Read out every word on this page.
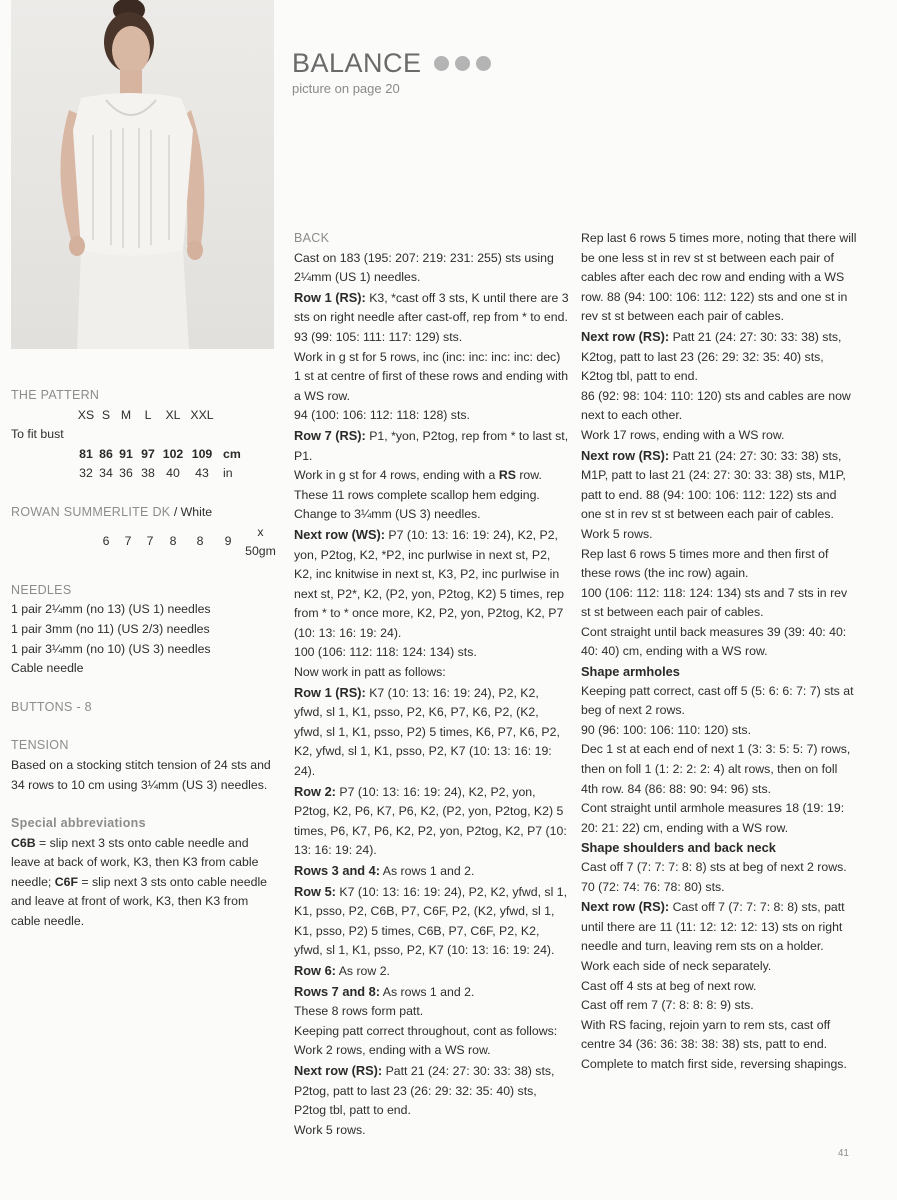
BALANCE
picture on page 20

THE PATTERN

	XS	S	M	L	XL	XXL	
To fit bust							
	81	86	91	97	102	109	cm
	32	34	36	38	40	43	in

ROWAN SUMMERLITE DK / White

	6	7	7	8	8	9	x 50gm

NEEDLES

1 pair 2¼mm (no 13) (US 1) needles

1 pair 3mm (no 11) (US 2/3) needles

1 pair 3¼mm (no 10) (US 3) needles

Cable needle

BUTTONS - 8

TENSION

Based on a stocking stitch tension of 24 sts and 34 rows to 10 cm using 3¼mm (US 3) needles.

Special abbreviations

C6B = slip next 3 sts onto cable needle and leave at back of work, K3, then K3 from cable needle; C6F = slip next 3 sts onto cable needle and leave at front of work, K3, then K3 from cable needle.

BACK

Cast on 183 (195: 207: 219: 231: 255) sts using 2¼mm (US 1) needles.

Row 1 (RS): K3, *cast off 3 sts, K until there are 3 sts on right needle after cast-off, rep from * to end. 93 (99: 105: 111: 117: 129) sts.

Work in g st for 5 rows, inc (inc: inc: inc: inc: dec) 1 st at centre of first of these rows and ending with a WS row.

94 (100: 106: 112: 118: 128) sts.

Row 7 (RS): P1, *yon, P2tog, rep from * to last st, P1.

Work in g st for 4 rows, ending with a RS row.

These 11 rows complete scallop hem edging.

Change to 3¼mm (US 3) needles.

Next row (WS): P7 (10: 13: 16: 19: 24), K2, P2, yon, P2tog, K2, *P2, inc purlwise in next st, P2, K2, inc knitwise in next st, K3, P2, inc purlwise in next st, P2*, K2, (P2, yon, P2tog, K2) 5 times, rep from * to * once more, K2, P2, yon, P2tog, K2, P7 (10: 13: 16: 19: 24).

100 (106: 112: 118: 124: 134) sts.

Now work in patt as follows:

Row 1 (RS): K7 (10: 13: 16: 19: 24), P2, K2, yfwd, sl 1, K1, psso, P2, K6, P7, K6, P2, (K2, yfwd, sl 1, K1, psso, P2) 5 times, K6, P7, K6, P2, K2, yfwd, sl 1, K1, psso, P2, K7 (10: 13: 16: 19: 24).

Row 2: P7 (10: 13: 16: 19: 24), K2, P2, yon, P2tog, K2, P6, K7, P6, K2, (P2, yon, P2tog, K2) 5 times, P6, K7, P6, K2, P2, yon, P2tog, K2, P7 (10: 13: 16: 19: 24).

Rows 3 and 4: As rows 1 and 2.

Row 5: K7 (10: 13: 16: 19: 24), P2, K2, yfwd, sl 1, K1, psso, P2, C6B, P7, C6F, P2, (K2, yfwd, sl 1, K1, psso, P2) 5 times, C6B, P7, C6F, P2, K2, yfwd, sl 1, K1, psso, P2, K7 (10: 13: 16: 19: 24).

Row 6: As row 2.

Rows 7 and 8: As rows 1 and 2.

These 8 rows form patt.

Keeping patt correct throughout, cont as follows:

Work 2 rows, ending with a WS row.

Next row (RS): Patt 21 (24: 27: 30: 33: 38) sts, P2tog, patt to last 23 (26: 29: 32: 35: 40) sts, P2tog tbl, patt to end.

Work 5 rows.

Rep last 6 rows 5 times more, noting that there will be one less st in rev st st between each pair of cables after each dec row and ending with a WS row. 88 (94: 100: 106: 112: 122) sts and one st in rev st st between each pair of cables.

Next row (RS): Patt 21 (24: 27: 30: 33: 38) sts, K2tog, patt to last 23 (26: 29: 32: 35: 40) sts, K2tog tbl, patt to end.

86 (92: 98: 104: 110: 120) sts and cables are now next to each other.

Work 17 rows, ending with a WS row.

Next row (RS): Patt 21 (24: 27: 30: 33: 38) sts, M1P, patt to last 21 (24: 27: 30: 33: 38) sts, M1P, patt to end. 88 (94: 100: 106: 112: 122) sts and one st in rev st st between each pair of cables.

Work 5 rows.

Rep last 6 rows 5 times more and then first of these rows (the inc row) again.

100 (106: 112: 118: 124: 134) sts and 7 sts in rev st st between each pair of cables.

Cont straight until back measures 39 (39: 40: 40: 40: 40) cm, ending with a WS row.

Shape armholes

Keeping patt correct, cast off 5 (5: 6: 6: 7: 7) sts at beg of next 2 rows.

90 (96: 100: 106: 110: 120) sts.

Dec 1 st at each end of next 1 (3: 3: 5: 5: 7) rows, then on foll 1 (1: 2: 2: 2: 4) alt rows, then on foll 4th row. 84 (86: 88: 90: 94: 96) sts.

Cont straight until armhole measures 18 (19: 19: 20: 21: 22) cm, ending with a WS row.

Shape shoulders and back neck

Cast off 7 (7: 7: 7: 8: 8) sts at beg of next 2 rows. 70 (72: 74: 76: 78: 80) sts.

Next row (RS): Cast off 7 (7: 7: 7: 8: 8) sts, patt until there are 11 (11: 12: 12: 12: 13) sts on right needle and turn, leaving rem sts on a holder.

Work each side of neck separately.

Cast off 4 sts at beg of next row.

Cast off rem 7 (7: 8: 8: 8: 9) sts.

With RS facing, rejoin yarn to rem sts, cast off centre 34 (36: 36: 38: 38: 38) sts, patt to end.

Complete to match first side, reversing shapings.

41
